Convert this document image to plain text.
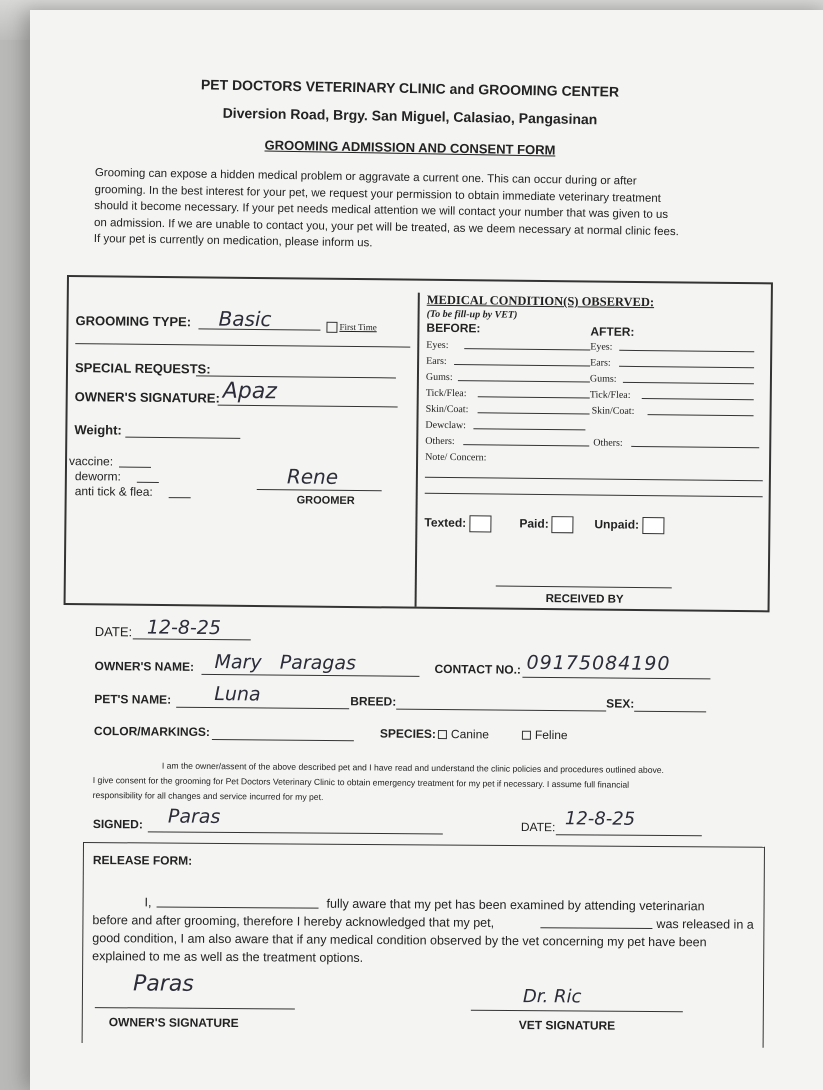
PET DOCTORS VETERINARY CLINIC and GROOMING CENTER
Diversion Road, Brgy. San Miguel, Calasiao, Pangasinan
GROOMING ADMISSION AND CONSENT FORM
Grooming can expose a hidden medical problem or aggravate a current one. This can occur during or after
grooming. In the best interest for your pet, we request your permission to obtain immediate veterinary treatment
should it become necessary. If your pet needs medical attention we will contact your number that was given to us
on admission. If we are unable to contact you, your pet will be treated, as we deem necessary at normal clinic fees.
If your pet is currently on medication, please inform us.
GROOMING TYPE: Basic	First Time
SPECIAL REQUESTS:
OWNER'S SIGNATURE: Apaz
Weight:
vaccine:
deworm:
anti tick & flea:
Rene
GROOMER
MEDICAL CONDITION(S) OBSERVED:
(To be fill-up by VET)
BEFORE:	AFTER:
Eyes:	Eyes:
Ears:	Ears:
Gums:	Gums:
Tick/Flea:	Tick/Flea:
Skin/Coat:	Skin/Coat:
Dewclaw:
Others:	Others:
Note/ Concern:
Texted:	Paid:	Unpaid:
RECEIVED BY
DATE: 12-8-25
OWNER'S NAME: Mary   Paragas	CONTACT NO.: 09175084190
PET'S NAME: Luna	BREED:	SEX:
COLOR/MARKINGS:	SPECIES:	Canine	Feline
I am the owner/assent of the above described pet and I have read and understand the clinic policies and procedures outlined above.
I give consent for the grooming for Pet Doctors Veterinary Clinic to obtain emergency treatment for my pet if necessary. I assume full financial
responsibility for all changes and service incurred for my pet.
SIGNED: Paras	DATE: 12-8-25
RELEASE FORM:
I,	fully aware that my pet has been examined by attending veterinarian
before and after grooming, therefore I hereby acknowledged that my pet,	was released in a
good condition, I am also aware that if any medical condition observed by the vet concerning my pet have been
explained to me as well as the treatment options.
Paras
OWNER'S SIGNATURE
Dr. Ric
VET SIGNATURE
